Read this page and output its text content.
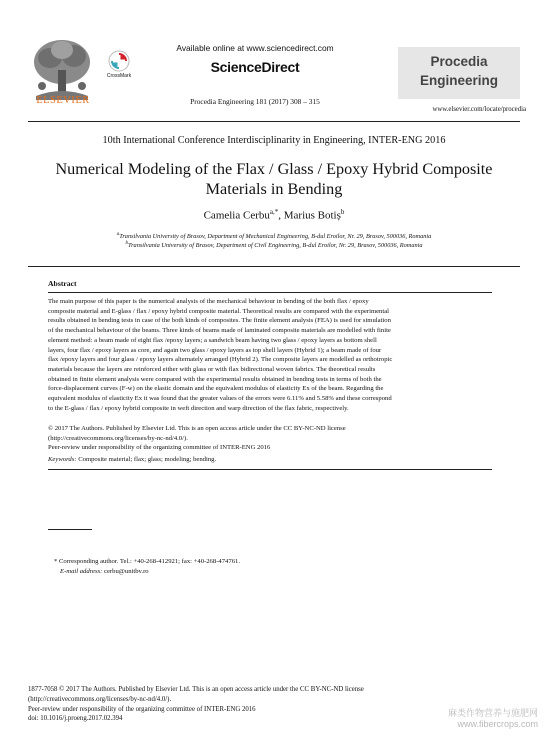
ELSEVIER
CrossMark
Available online at www.sciencedirect.com
ScienceDirect
Procedia Engineering 181 (2017) 308 – 315
Procedia
Engineering
www.elsevier.com/locate/procedia
10th International Conference Interdisciplinarity in Engineering, INTER-ENG 2016
Numerical Modeling of the Flax / Glass / Epoxy Hybrid Composite
Materials in Bending
Camelia Cerbu$^{a,*}$, Marius Botiș$^b$
$^a$Transilvania University of Brasov, Department of Mechanical Engineering, B-dul Eroilor, Nr. 29, Brasov, 500036, Romania
$^b$Transilvania University of Brasov, Department of Civil Engineering, B-dul Eroilor, Nr. 29, Brasov, 500036, Romania
Abstract

The main purpose of this paper is the numerical analysis of the mechanical behaviour in bending of the both flax / epoxy

composite material and E-glass / flax / epoxy hybrid composite material. Theoretical results are compared with the experimental

results obtained in bending tests in case of the both kinds of composites. The finite element analysis (FEA) is used for simulation

of the mechanical behaviour of the beams. Three kinds of beams made of laminated composite materials are modelled with finite

element method: a beam made of eight flax /epoxy layers; a sandwich beam having two glass / epoxy layers as bottom shell

layers, four flax / epoxy layers as core, and again two glass / epoxy layers as top shell layers (Hybrid 1); a beam made of four

flax /epoxy layers and four glass / epoxy layers alternately arranged (Hybrid 2). The composite layers are modelled as orthotropic

materials because the layers are reinforced either with glass or with flax bidirectional woven fabrics. The theoretical results

obtained in finite element analysis were compared with the experimental results obtained in bending tests in terms of both the

force-displacement curves (F-w) on the elastic domain and the equivalent modulus of elasticity Ex of the beam. Regarding the

equivalent modulus of elasticity Ex it was found that the greater values of the errors were 6.11% and 5.58% and these correspond

to the E-glass / flax / epoxy hybrid composite in weft direction and warp direction of the flax fabric, respectively.

© 2017 The Authors. Published by Elsevier Ltd. This is an open access article under the CC BY-NC-ND license

(http://creativecommons.org/licenses/by-nc-nd/4.0/).

Peer-review under responsibility of the organizing committee of INTER-ENG 2016

Keywords: Composite material; flax; glass; modeling; bending.
* Corresponding author. Tel.: +40-268-412921; fax: +40-268-474761.
E-mail address: cerbu@unitbv.ro

1877-7058 © 2017 The Authors. Published by Elsevier Ltd. This is an open access article under the CC BY-NC-ND license

(http://creativecommons.org/licenses/by-nc-nd/4.0/).

Peer-review under responsibility of the organizing committee of INTER-ENG 2016

doi: 10.1016/j.proeng.2017.02.394

麻类作物营养与施肥网
www.fibercrops.com
